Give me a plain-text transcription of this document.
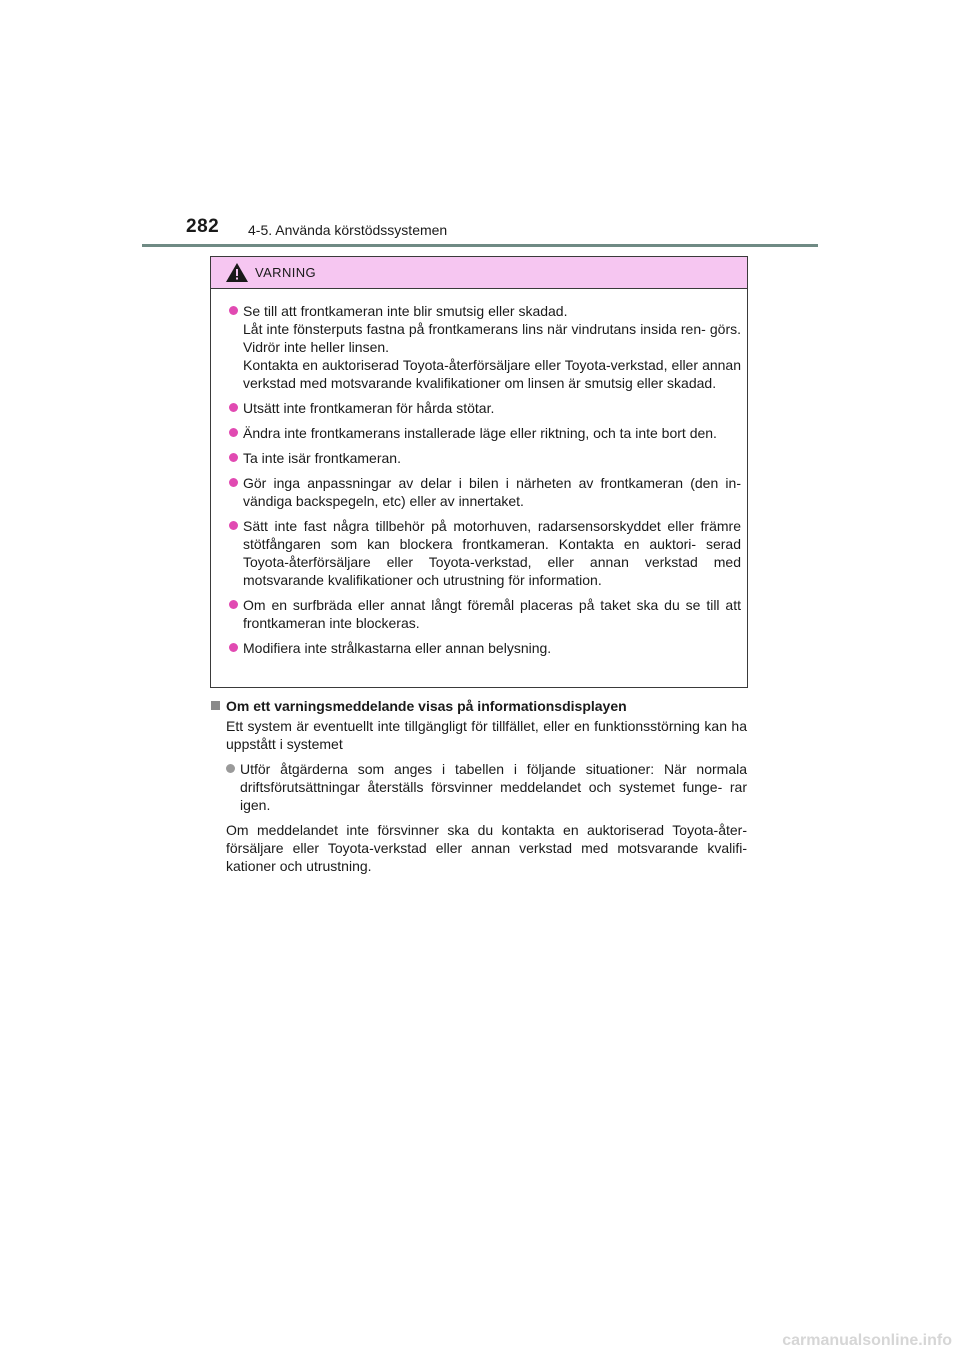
282 4-5. Använda körstödssystemen
VARNING

Se till att frontkameran inte blir smutsig eller skadad.

Låt inte fönsterputs fastna på frontkamerans lins när vindrutans insida ren- görs. Vidrör inte heller linsen.

Kontakta en auktoriserad Toyota-återförsäljare eller Toyota-verkstad, eller annan verkstad med motsvarande kvalifikationer om linsen är smutsig eller skadad.

Utsätt inte frontkameran för hårda stötar.

Ändra inte frontkamerans installerade läge eller riktning, och ta inte bort den.

Ta inte isär frontkameran.

Gör inga anpassningar av delar i bilen i närheten av frontkameran (den in- vändiga backspegeln, etc) eller av innertaket.

Sätt inte fast några tillbehör på motorhuven, radarsensorskyddet eller främre stötfångaren som kan blockera frontkameran. Kontakta en auktori- serad Toyota-återförsäljare eller Toyota-verkstad, eller annan verkstad med motsvarande kvalifikationer och utrustning för information.

Om en surfbräda eller annat långt föremål placeras på taket ska du se till att frontkameran inte blockeras.

Modifiera inte strålkastarna eller annan belysning.

Om ett varningsmeddelande visas på informationsdisplayen
Ett system är eventuellt inte tillgängligt för tillfället, eller en funktionsstörning kan ha uppstått i systemet
Utför åtgärderna som anges i tabellen i följande situationer: När normala driftsförutsättningar återställs försvinner meddelandet och systemet funge- rar igen.
Om meddelandet inte försvinner ska du kontakta en auktoriserad Toyota-åter- försäljare eller Toyota-verkstad eller annan verkstad med motsvarande kvalifi- kationer och utrustning.
carmanualsonline.info
